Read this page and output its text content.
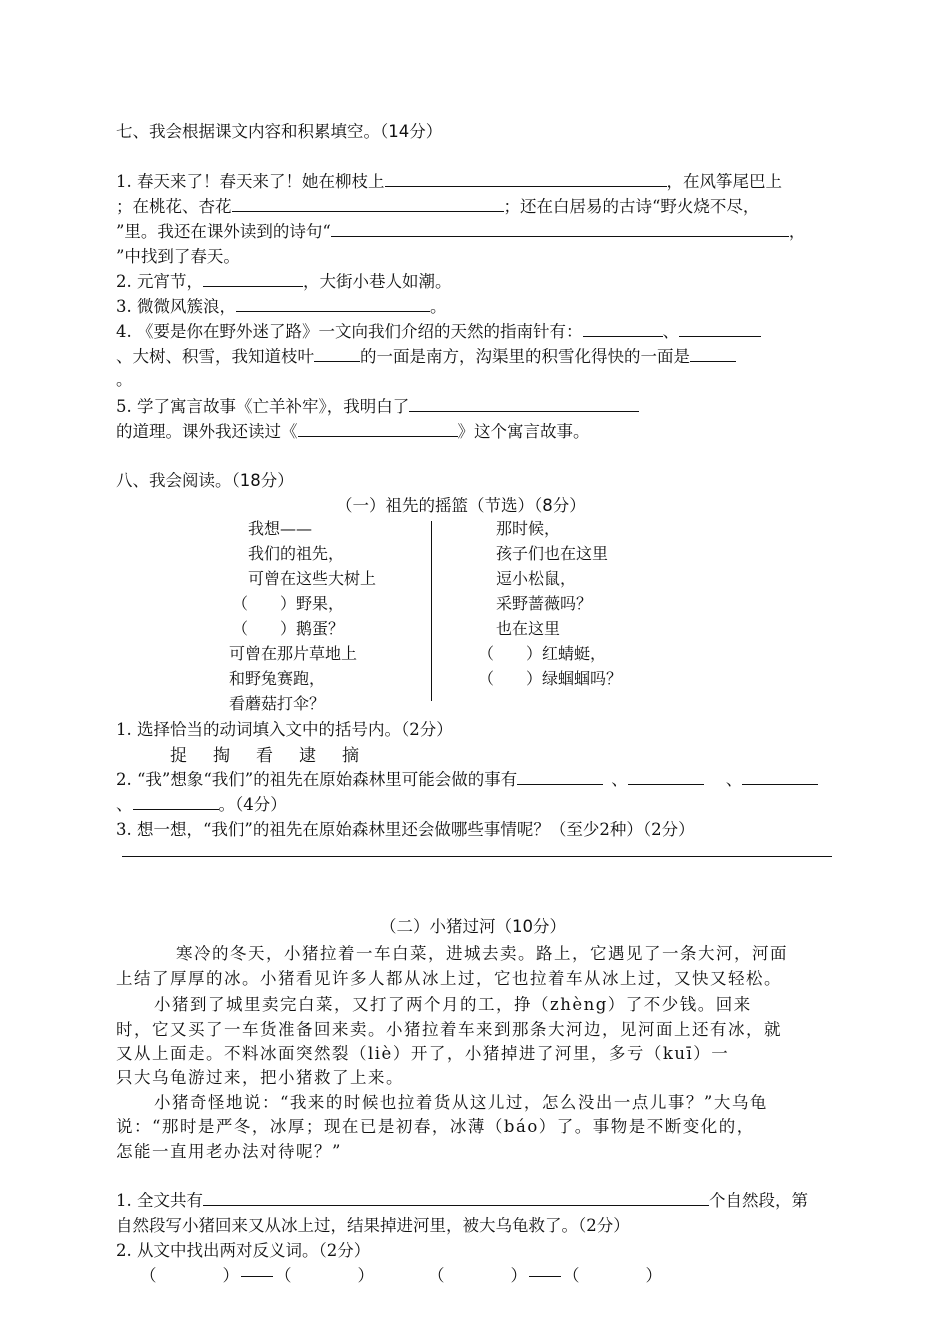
七、我会根据课文内容和积累填空。（14分）
1. 春天来了！春天来了！她在柳枝上	，在风筝尾巴上
；在桃花、杏花	；还在白居易的古诗“野火烧不尽，
”里。我还在课外读到的诗句“	，
”中找到了春天。
2. 元宵节，	，大街小巷人如潮。
3. 微微风簇浪，	。
4. 《要是你在野外迷了路》一文向我们介绍的天然的指南针有：	、
、大树、积雪，我知道枝叶	的一面是南方，沟渠里的积雪化得快的一面是
。
5. 学了寓言故事《亡羊补牢》，我明白了
的道理。课外我还读过《	》这个寓言故事。
八、我会阅读。（18分）
（一）祖先的摇篮（节选）（8分）
我想——
我们的祖先，
可曾在这些大树上
（　　）野果，
（　　）鹅蛋？
可曾在那片草地上
和野兔赛跑，
看蘑菇打伞？
那时候，
孩子们也在这里
逗小松鼠，
采野蔷薇吗？
也在这里
（　　）红蜻蜓，
（　　）绿蝈蝈吗？
1. 选择恰当的动词填入文中的括号内。（2分）
捉 掏 看 逮 摘
2. “我”想象“我们”的祖先在原始森林里可能会做的事有	、	、
、	。（4分）
3. 想一想，“我们”的祖先在原始森林里还会做哪些事情呢？（至少2种）（2分）
（二）小猪过河（10分）
寒冷的冬天，小猪拉着一车白菜，进城去卖。路上，它遇见了一条大河，河面
上结了厚厚的冰。小猪看见许多人都从冰上过，它也拉着车从冰上过，又快又轻松。
小猪到了城里卖完白菜，又打了两个月的工，挣（zhèng）了不少钱。回来
时，它又买了一车货准备回来卖。小猪拉着车来到那条大河边，见河面上还有冰，就
又从上面走。不料冰面突然裂（liè）开了，小猪掉进了河里，多亏（kuī）一
只大乌龟游过来，把小猪救了上来。
小猪奇怪地说：“我来的时候也拉着货从这儿过，怎么没出一点儿事？”大乌龟
说：“那时是严冬，冰厚；现在已是初春，冰薄（báo）了。事物是不断变化的，
怎能一直用老办法对待呢？”
1. 全文共有	个自然段，第
自然段写小猪回来又从冰上过，结果掉进河里，被大乌龟救了。（2分）
2. 从文中找出两对反义词。（2分）
（　　　　） （　　　　）	（　　　　） （　　　　）
